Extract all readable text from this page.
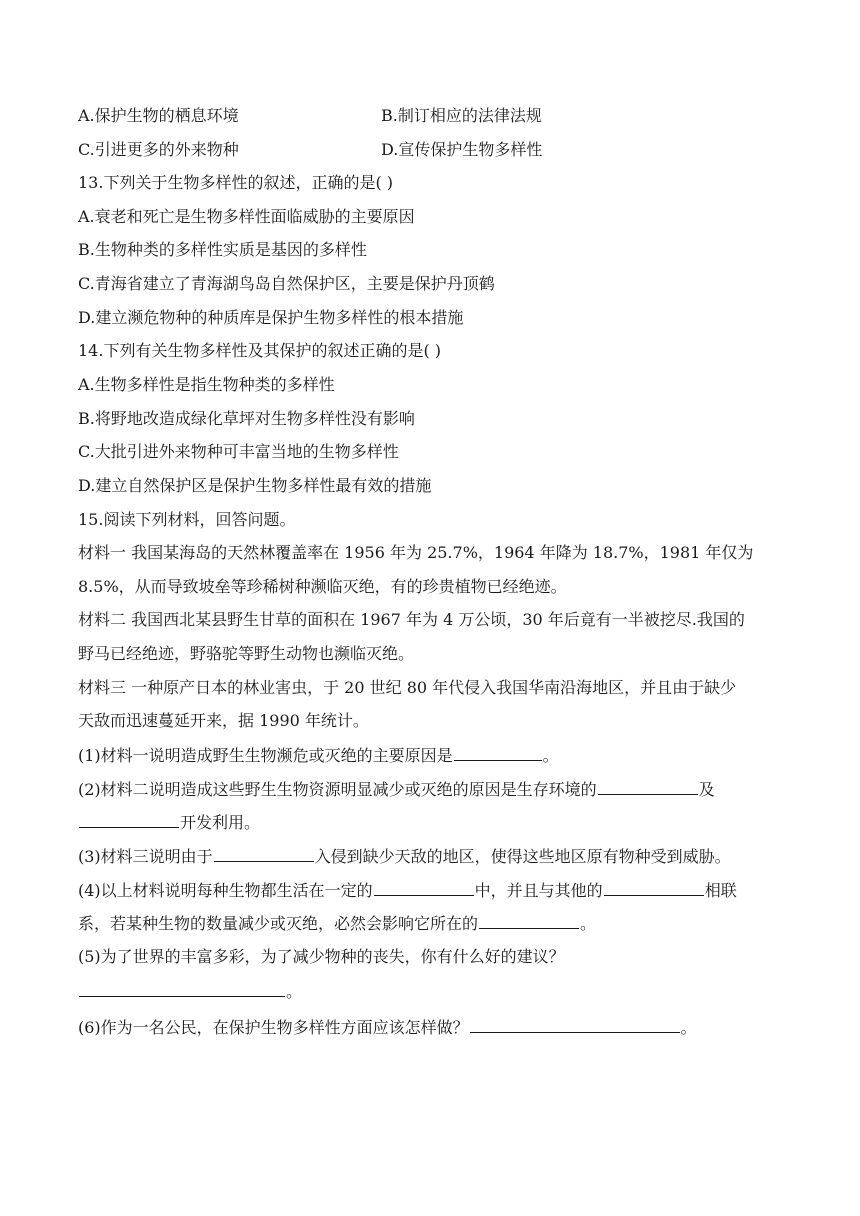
A.保护生物的栖息环境	B.制订相应的法律法规
C.引进更多的外来物种	D.宣传保护生物多样性
13.下列关于生物多样性的叙述，正确的是( )
A.衰老和死亡是生物多样性面临威胁的主要原因
B.生物种类的多样性实质是基因的多样性
C.青海省建立了青海湖鸟岛自然保护区，主要是保护丹顶鹤
D.建立濒危物种的种质库是保护生物多样性的根本措施
14.下列有关生物多样性及其保护的叙述正确的是( )
A.生物多样性是指生物种类的多样性
B.将野地改造成绿化草坪对生物多样性没有影响
C.大批引进外来物种可丰富当地的生物多样性
D.建立自然保护区是保护生物多样性最有效的措施
15.阅读下列材料，回答问题。
材料一 我国某海岛的天然林覆盖率在 1956 年为 25.7%，1964 年降为 18.7%，1981 年仅为
8.5%，从而导致坡垒等珍稀树种濒临灭绝，有的珍贵植物已经绝迹。
材料二 我国西北某县野生甘草的面积在 1967 年为 4 万公顷，30 年后竟有一半被挖尽.我国的
野马已经绝迹，野骆驼等野生动物也濒临灭绝。
材料三 一种原产日本的林业害虫，于 20 世纪 80 年代侵入我国华南沿海地区，并且由于缺少
天敌而迅速蔓延开来，据 1990 年统计。
(1)材料一说明造成野生生物濒危或灭绝的主要原因是	。
(2)材料二说明造成这些野生生物资源明显减少或灭绝的原因是生存环境的	及
开发利用。
(3)材料三说明由于	入侵到缺少天敌的地区，使得这些地区原有物种受到威胁。
(4)以上材料说明每种生物都生活在一定的	中，并且与其他的	相联
系，若某种生物的数量减少或灭绝，必然会影响它所在的	。
(5)为了世界的丰富多彩，为了减少物种的丧失，你有什么好的建议？
。
(6)作为一名公民，在保护生物多样性方面应该怎样做？	。
